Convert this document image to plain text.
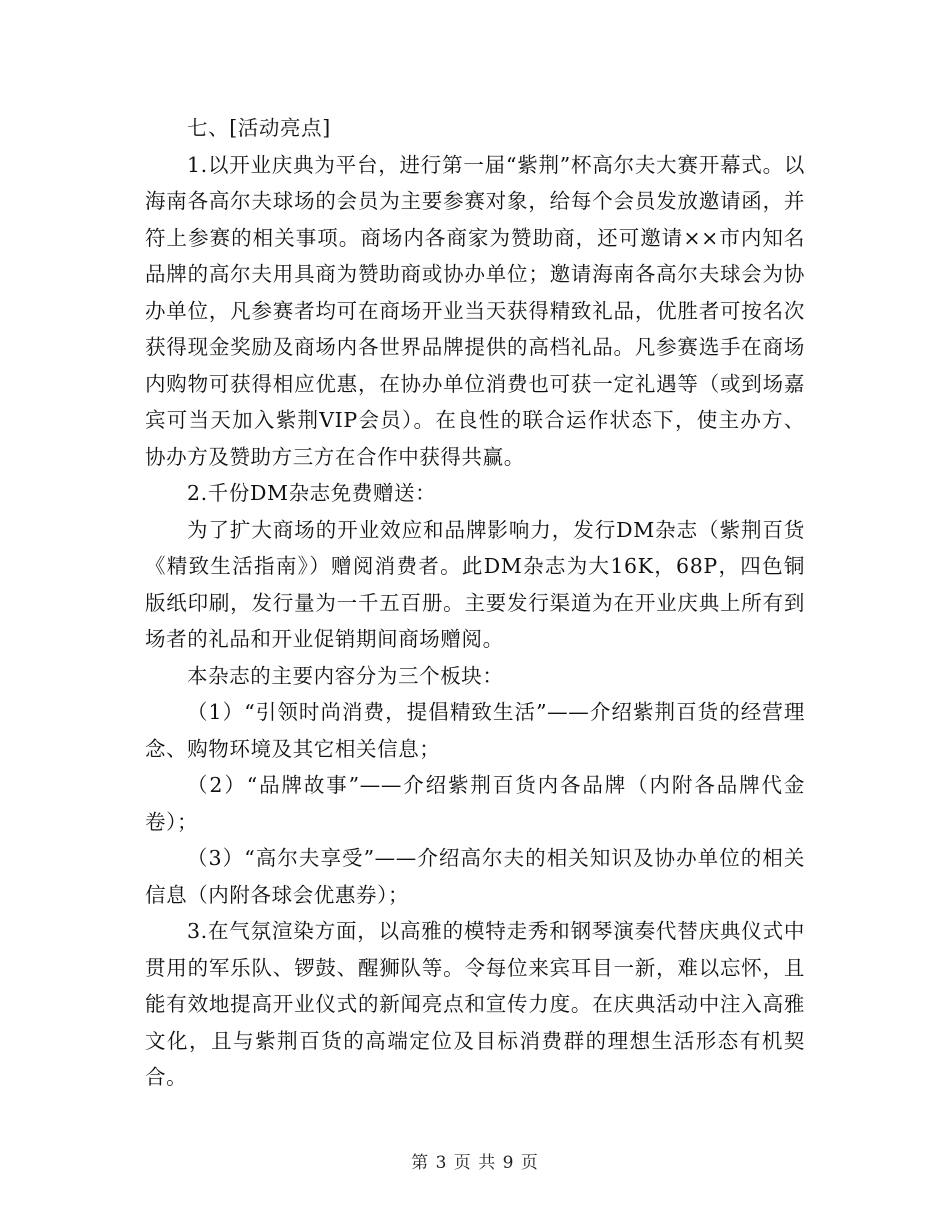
七、[活动亮点]

1.以开业庆典为平台，进行第一届“紫荆”杯高尔夫大赛开幕式。以海南各高尔夫球场的会员为主要参赛对象，给每个会员发放邀请函，并符上参赛的相关事项。商场内各商家为赞助商，还可邀请××市内知名品牌的高尔夫用具商为赞助商或协办单位；邀请海南各高尔夫球会为协办单位，凡参赛者均可在商场开业当天获得精致礼品，优胜者可按名次获得现金奖励及商场内各世界品牌提供的高档礼品。凡参赛选手在商场内购物可获得相应优惠，在协办单位消费也可获一定礼遇等（或到场嘉宾可当天加入紫荆VIP会员）。在良性的联合运作状态下，使主办方、协办方及赞助方三方在合作中获得共赢。

2.千份DM杂志免费赠送：

为了扩大商场的开业效应和品牌影响力，发行DM杂志（紫荆百货《精致生活指南》）赠阅消费者。此DM杂志为大16K，68P，四色铜版纸印刷，发行量为一千五百册。主要发行渠道为在开业庆典上所有到场者的礼品和开业促销期间商场赠阅。

本杂志的主要内容分为三个板块：

（1）“引领时尚消费，提倡精致生活”——介绍紫荆百货的经营理念、购物环境及其它相关信息；

（2）“品牌故事”——介绍紫荆百货内各品牌（内附各品牌代金卷）；

（3）“高尔夫享受”——介绍高尔夫的相关知识及协办单位的相关信息（内附各球会优惠券）；

3.在气氛渲染方面，以高雅的模特走秀和钢琴演奏代替庆典仪式中贯用的军乐队、锣鼓、醒狮队等。令每位来宾耳目一新，难以忘怀，且能有效地提高开业仪式的新闻亮点和宣传力度。在庆典活动中注入高雅文化，且与紫荆百货的高端定位及目标消费群的理想生活形态有机契合。

第 3 页 共 9 页
